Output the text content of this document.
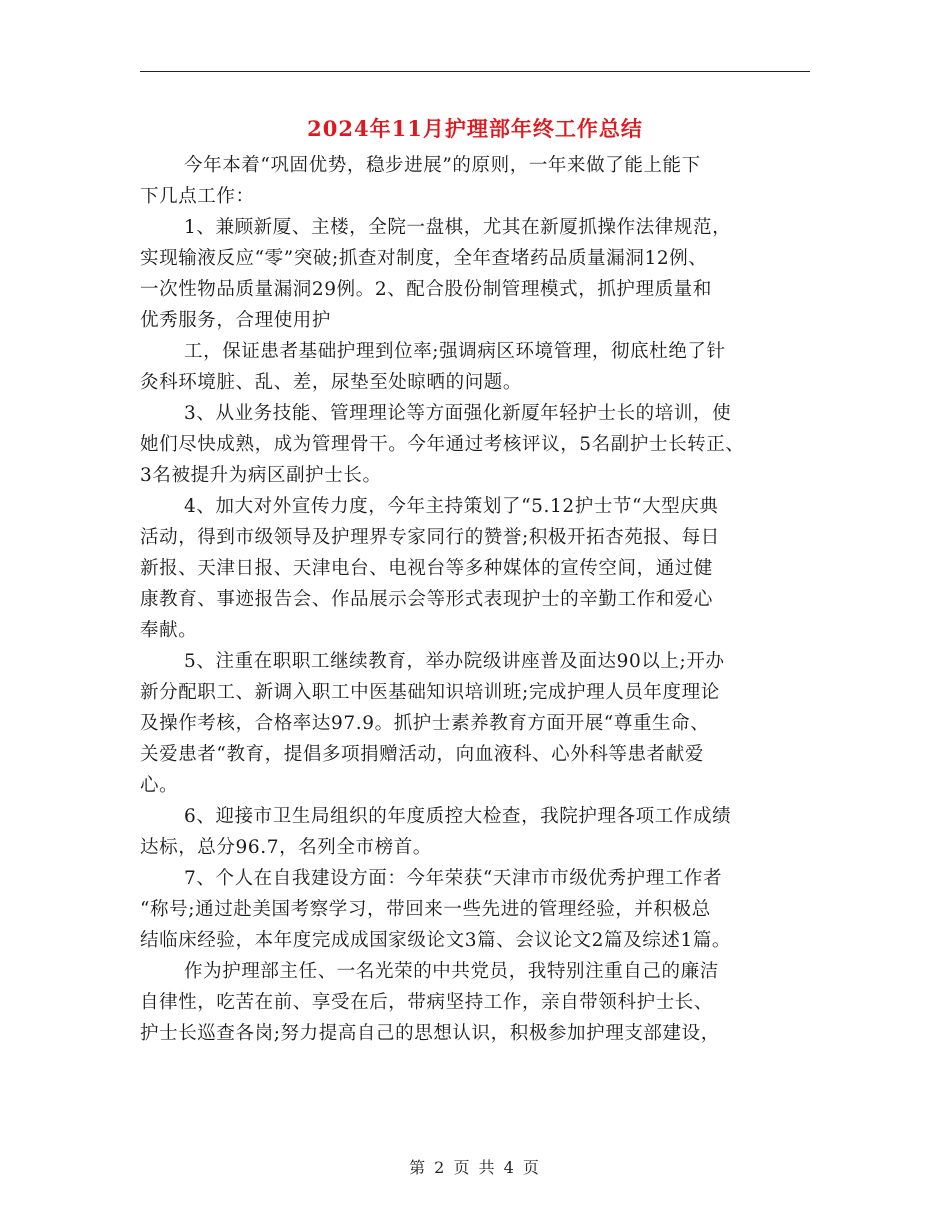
2024年11月护理部年终工作总结
今年本着“巩固优势，稳步进展”的原则，一年来做了能上能下
下几点工作：
1、兼顾新厦、主楼，全院一盘棋，尤其在新厦抓操作法律规范，
实现输液反应“零”突破;抓查对制度，全年查堵药品质量漏洞12例、
一次性物品质量漏洞29例。2、配合股份制管理模式，抓护理质量和
优秀服务，合理使用护
工，保证患者基础护理到位率;强调病区环境管理，彻底杜绝了针
灸科环境脏、乱、差，尿垫至处晾晒的问题。
3、从业务技能、管理理论等方面强化新厦年轻护士长的培训，使
她们尽快成熟，成为管理骨干。今年通过考核评议，5名副护士长转正、
3名被提升为病区副护士长。
4、加大对外宣传力度，今年主持策划了“5.12护士节“大型庆典
活动，得到市级领导及护理界专家同行的赞誉;积极开拓杏苑报、每日
新报、天津日报、天津电台、电视台等多种媒体的宣传空间，通过健
康教育、事迹报告会、作品展示会等形式表现护士的辛勤工作和爱心
奉献。
5、注重在职职工继续教育，举办院级讲座普及面达90以上;开办
新分配职工、新调入职工中医基础知识培训班;完成护理人员年度理论
及操作考核，合格率达97.9。抓护士素养教育方面开展“尊重生命、
关爱患者“教育，提倡多项捐赠活动，向血液科、心外科等患者献爱
心。
6、迎接市卫生局组织的年度质控大检查，我院护理各项工作成绩
达标，总分96.7，名列全市榜首。
7、个人在自我建设方面：今年荣获“天津市市级优秀护理工作者
“称号;通过赴美国考察学习，带回来一些先进的管理经验，并积极总
结临床经验，本年度完成成国家级论文3篇、会议论文2篇及综述1篇。
作为护理部主任、一名光荣的中共党员，我特别注重自己的廉洁
自律性，吃苦在前、享受在后，带病坚持工作，亲自带领科护士长、
护士长巡查各岗;努力提高自己的思想认识，积极参加护理支部建设，
第 2 页 共 4 页
